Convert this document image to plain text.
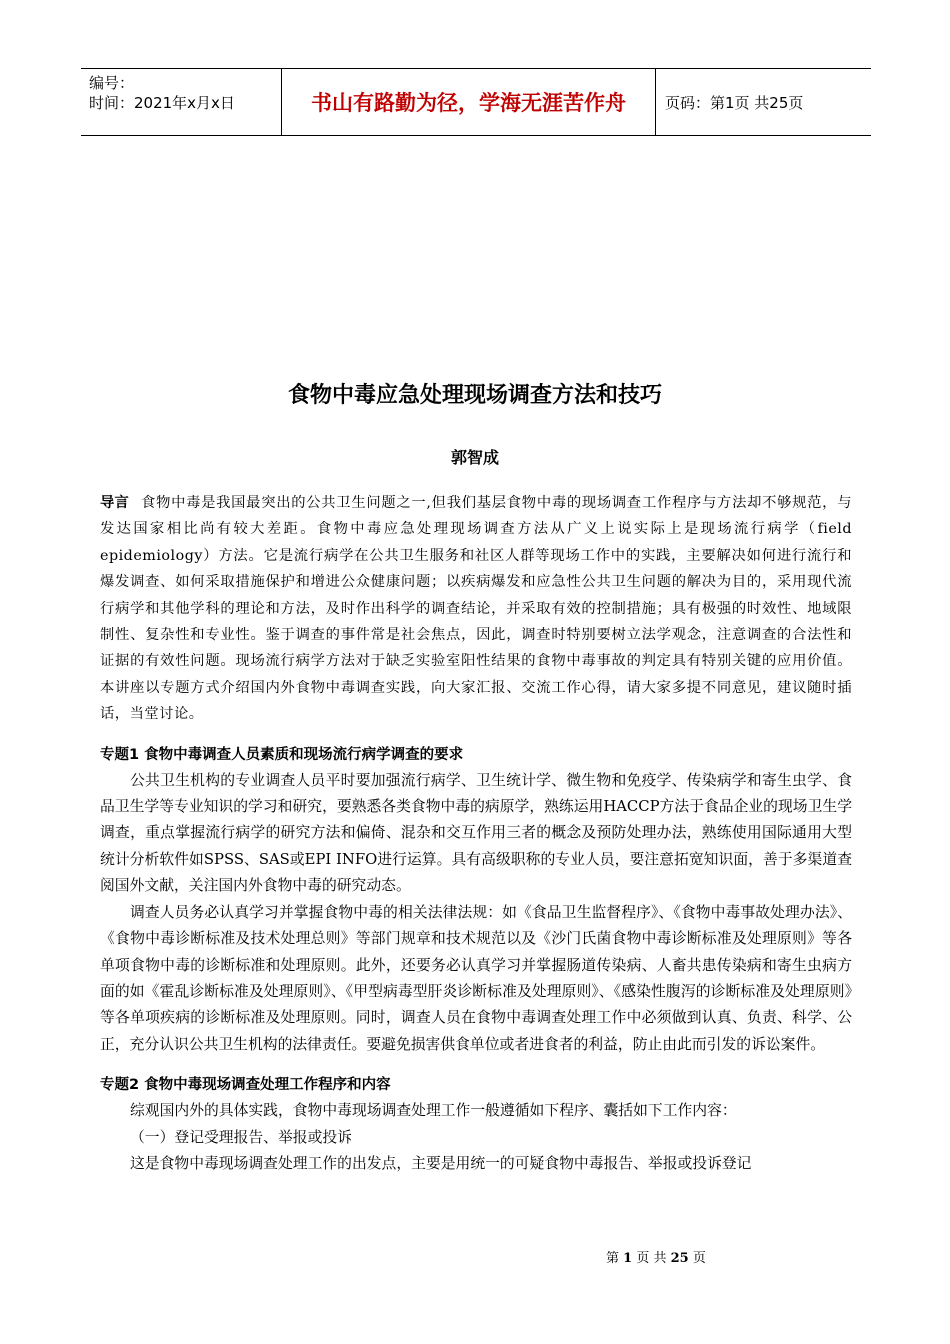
编号：
时间：2021年x月x日	书山有路勤为径，学海无涯苦作舟	页码：第1页 共25页
食物中毒应急处理现场调查方法和技巧
郭智成

导言 食物中毒是我国最突出的公共卫生问题之一,但我们基层食物中毒的现场调查工作程序与方法却不够规范，与发达国家相比尚有较大差距。食物中毒应急处理现场调查方法从广义上说实际上是现场流行病学（field epidemiology）方法。它是流行病学在公共卫生服务和社区人群等现场工作中的实践，主要解决如何进行流行和爆发调查、如何采取措施保护和增进公众健康问题；以疾病爆发和应急性公共卫生问题的解决为目的，采用现代流行病学和其他学科的理论和方法，及时作出科学的调查结论，并采取有效的控制措施；具有极强的时效性、地域限制性、复杂性和专业性。鉴于调查的事件常是社会焦点，因此，调查时特别要树立法学观念，注意调查的合法性和证据的有效性问题。现场流行病学方法对于缺乏实验室阳性结果的食物中毒事故的判定具有特别关键的应用价值。本讲座以专题方式介绍国内外食物中毒调查实践，向大家汇报、交流工作心得，请大家多提不同意见，建议随时插话，当堂讨论。

专题1 食物中毒调查人员素质和现场流行病学调查的要求

公共卫生机构的专业调查人员平时要加强流行病学、卫生统计学、微生物和免疫学、传染病学和寄生虫学、食品卫生学等专业知识的学习和研究，要熟悉各类食物中毒的病原学，熟练运用HACCP方法于食品企业的现场卫生学调查，重点掌握流行病学的研究方法和偏倚、混杂和交互作用三者的概念及预防处理办法，熟练使用国际通用大型统计分析软件如SPSS、SAS或EPI INFO进行运算。具有高级职称的专业人员，要注意拓宽知识面，善于多渠道查阅国外文献，关注国内外食物中毒的研究动态。

调查人员务必认真学习并掌握食物中毒的相关法律法规：如《食品卫生监督程序》、《食物中毒事故处理办法》、《食物中毒诊断标准及技术处理总则》等部门规章和技术规范以及《沙门氏菌食物中毒诊断标准及处理原则》等各单项食物中毒的诊断标准和处理原则。此外，还要务必认真学习并掌握肠道传染病、人畜共患传染病和寄生虫病方面的如《霍乱诊断标准及处理原则》、《甲型病毒型肝炎诊断标准及处理原则》、《感染性腹泻的诊断标准及处理原则》等各单项疾病的诊断标准及处理原则。同时，调查人员在食物中毒调查处理工作中必须做到认真、负责、科学、公正，充分认识公共卫生机构的法律责任。要避免损害供食单位或者进食者的利益，防止由此而引发的诉讼案件。

专题2 食物中毒现场调查处理工作程序和内容

综观国内外的具体实践，食物中毒现场调查处理工作一般遵循如下程序、囊括如下工作内容：

（一）登记受理报告、举报或投诉

这是食物中毒现场调查处理工作的出发点，主要是用统一的可疑食物中毒报告、举报或投诉登记

第 1 页 共 25 页
